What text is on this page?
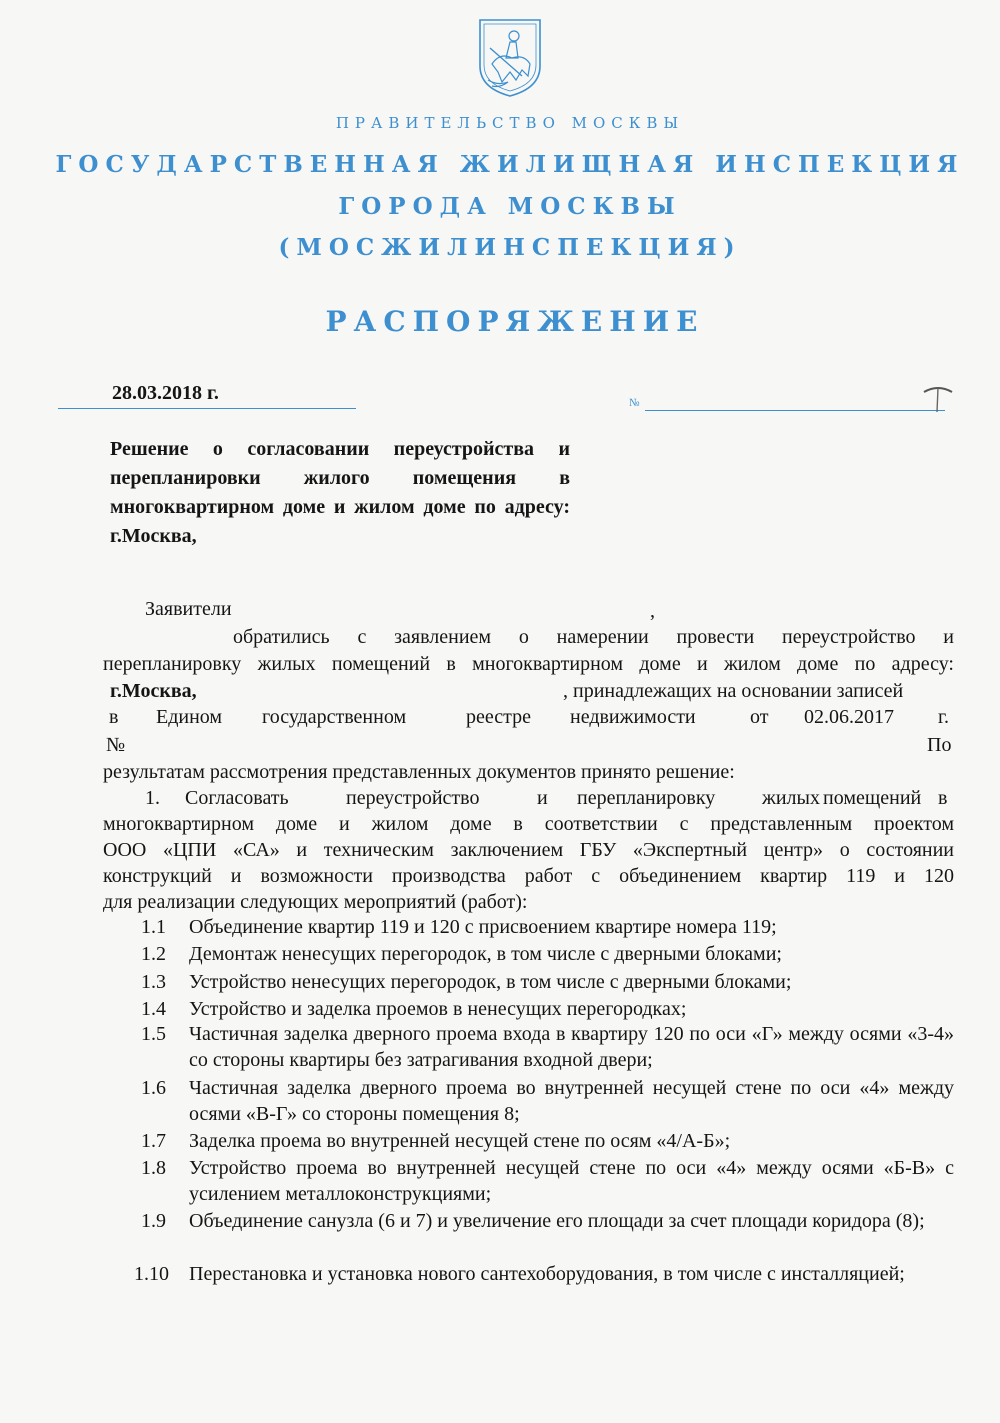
ПРАВИТЕЛЬСТВО МОСКВЫ
ГОСУДАРСТВЕННАЯ ЖИЛИЩНАЯ ИНСПЕКЦИЯ
ГОРОДА МОСКВЫ
(МОСЖИЛИНСПЕКЦИЯ)
РАСПОРЯЖЕНИЕ
28.03.2018 г.	№
Решение о согласовании переустройства и перепланировки жилого помещения в многоквартирном доме и жилом доме по адресу: г.Москва,
Заявители	,
обратились с заявлением о намерении провести переустройство и
перепланировку жилых помещений в многоквартирном доме и жилом доме по адресу:
г.Москва,	, принадлежащих на основании записей
в Едином государственном	реестре недвижимости	от 02.06.2017 г.
№	По
результатам рассмотрения представленных документов принято решение:
1. Согласовать	переустройство	и перепланировку жилых помещений в
многоквартирном доме и жилом доме в соответствии с представленным проектом
ООО «ЦПИ «СА» и техническим заключением ГБУ «Экспертный центр» о состоянии
конструкций и возможности производства работ с объединением квартир 119 и 120
для реализации следующих мероприятий (работ):
1.1	Объединение квартир 119 и 120 с присвоением квартире номера 119;
1.2	Демонтаж ненесущих перегородок, в том числе с дверными блоками;
1.3	Устройство ненесущих перегородок, в том числе с дверными блоками;
1.4	Устройство и заделка проемов в ненесущих перегородках;
1.5	Частичная заделка дверного проема входа в квартиру 120 по оси «Г» между осями «3-4» со стороны квартиры без затрагивания входной двери;
1.6	Частичная заделка дверного проема во внутренней несущей стене по оси «4» между осями «В-Г» со стороны помещения 8;
1.7	Заделка проема во внутренней несущей стене по осям «4/А-Б»;
1.8	Устройство проема во внутренней несущей стене по оси «4» между осями «Б-В» с усилением металлоконструкциями;
1.9	Объединение санузла (6 и 7) и увеличение его площади за счет площади коридора (8);
1.10	Перестановка и установка нового сантехоборудования, в том числе с инсталляцией;
